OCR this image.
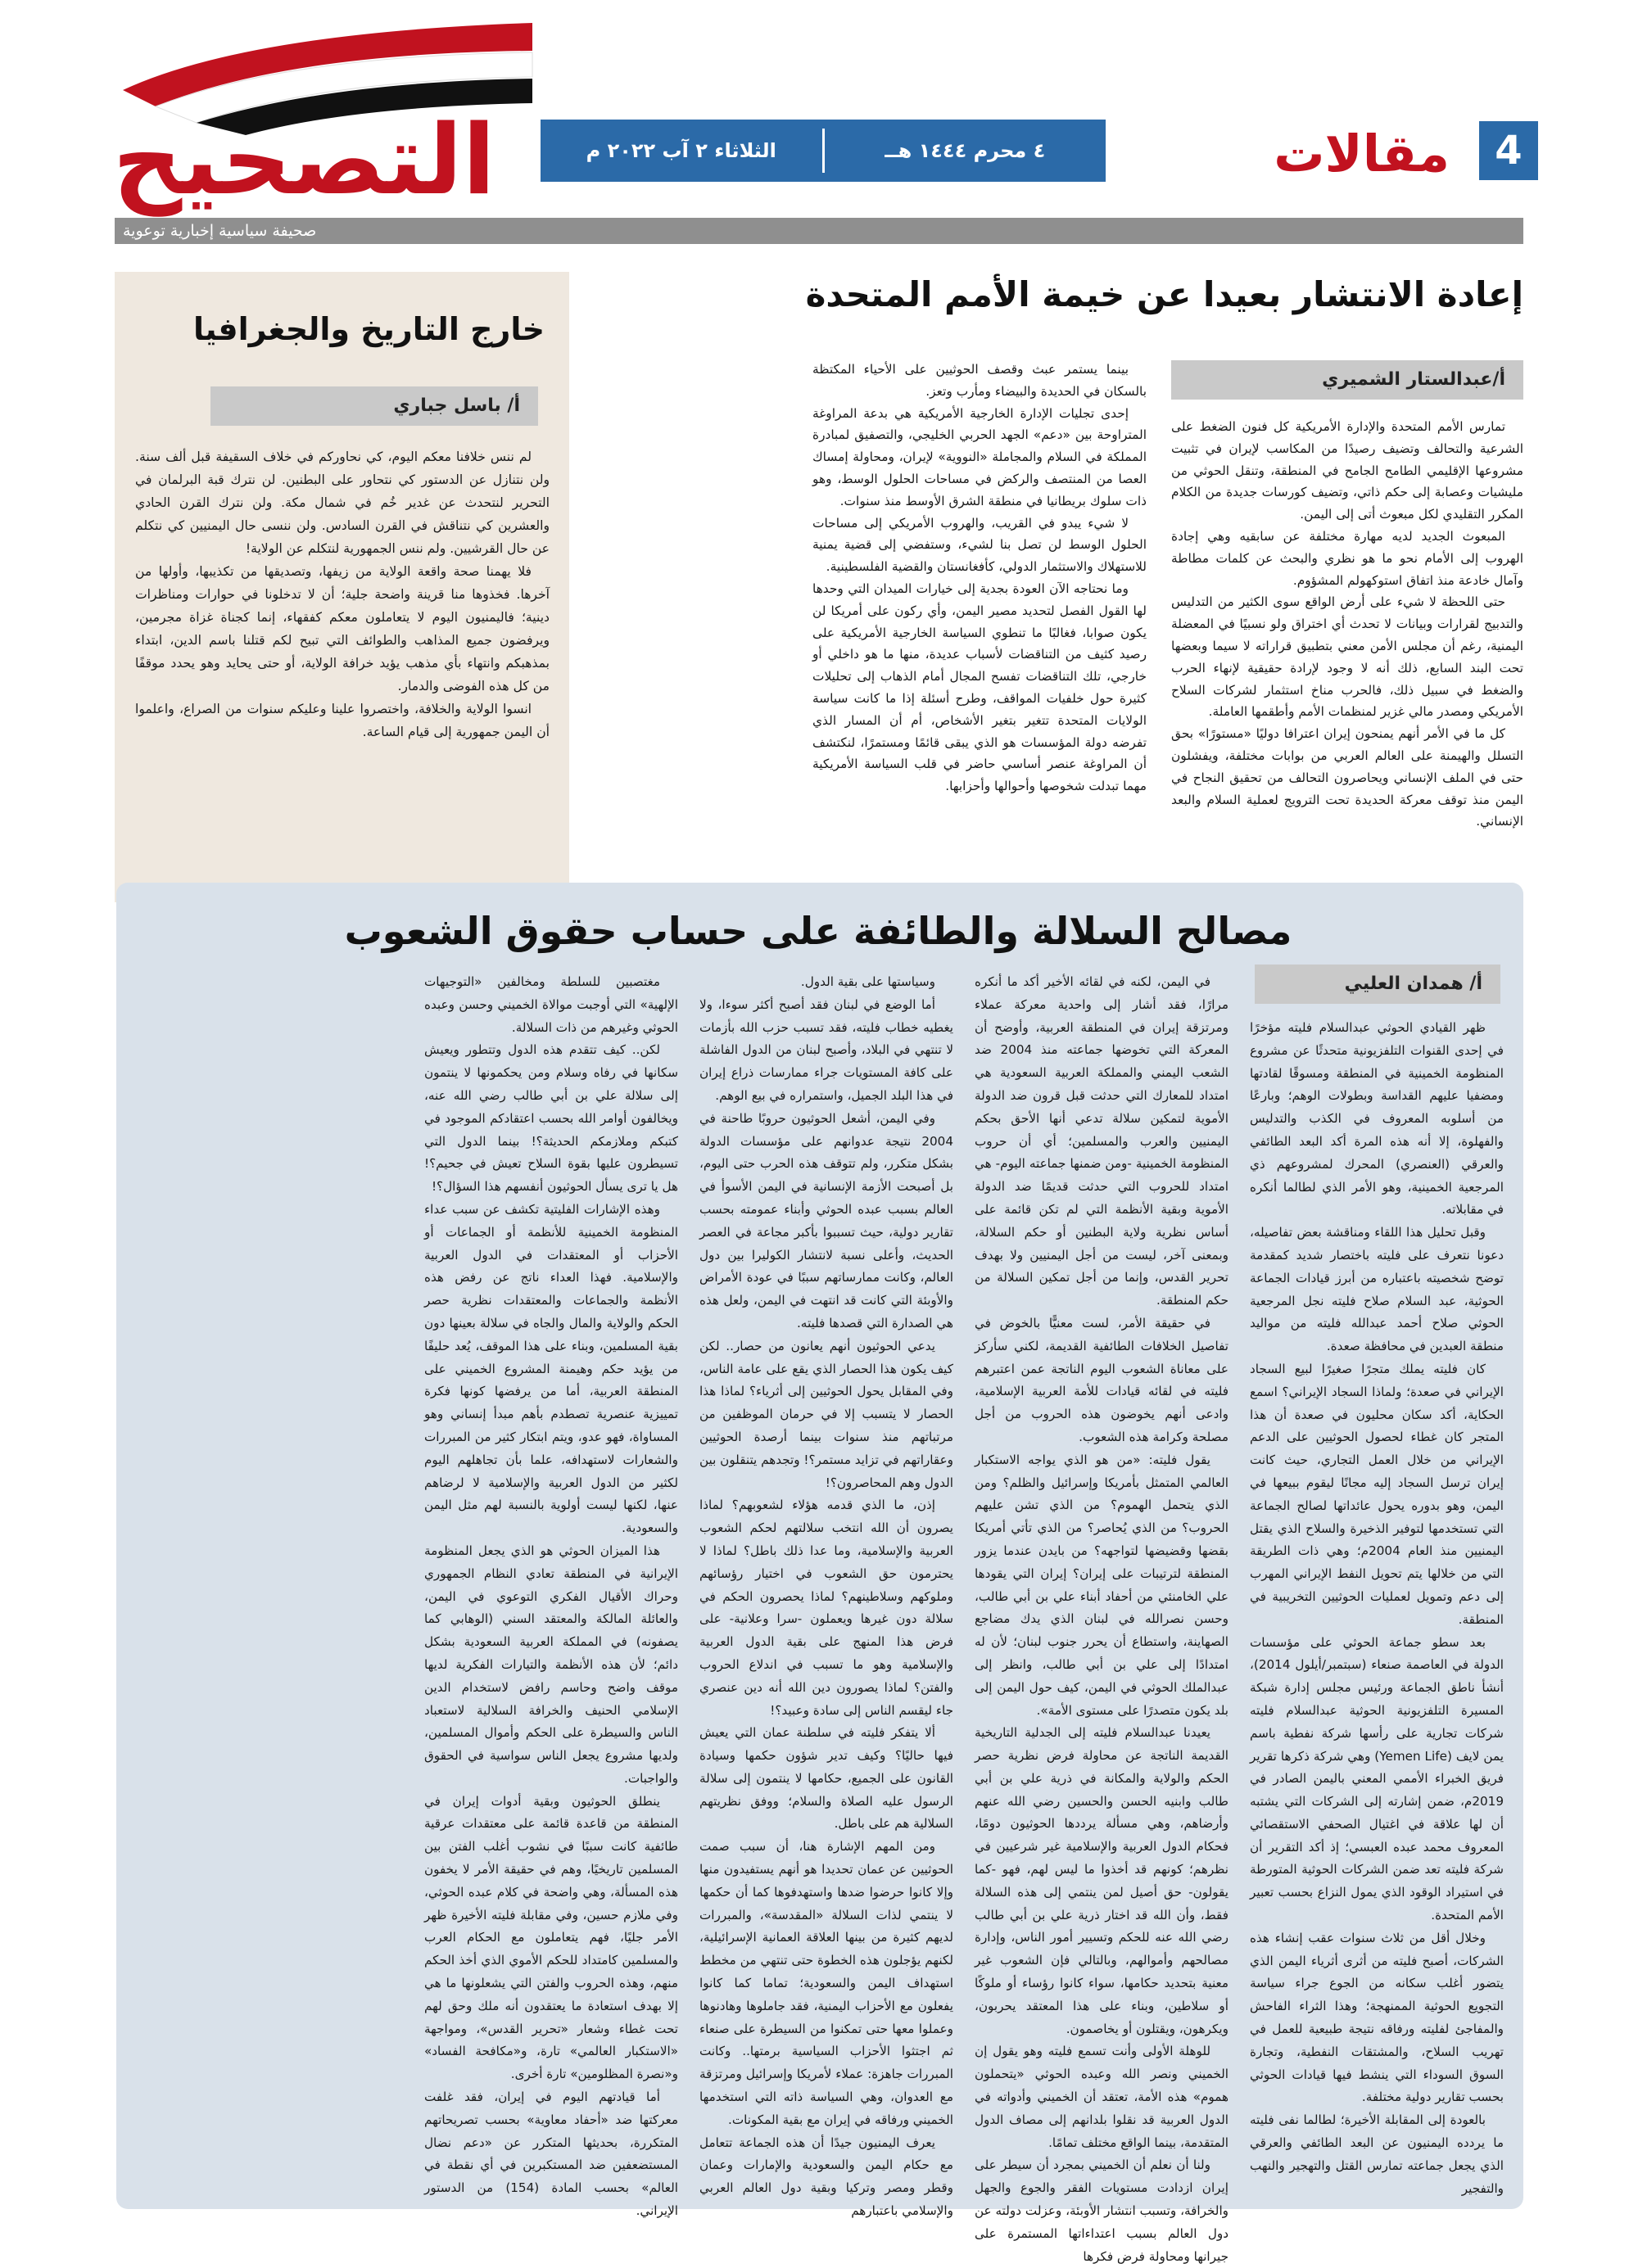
4
مقالات
٤ محرم ١٤٤٤ هــ
الثلاثاء ٢ آب ٢٠٢٢ م
التصحيح
صحيفة سياسية إخبارية توعوية
إعادة الانتشار بعيدا عن خيمة الأمم المتحدة
أ/عبدالستار الشميري

تمارس الأمم المتحدة والإدارة الأمريكية كل فنون الضغط على الشرعية والتحالف وتضيف رصيدًا من المكاسب لإيران في تثبيت مشروعها الإقليمي الطامح الجامح في المنطقة، وتنقل الحوثي من مليشيات وعصابة إلى حكم ذاتي، وتضيف كورسات جديدة من الكلام المكرر التقليدي لكل مبعوث أتى إلى اليمن.

المبعوث الجديد لديه مهارة مختلفة عن سابقيه وهي إجادة الهروب إلى الأمام نحو ما هو نظري والبحث عن كلمات مطاطة وآمال خادعة منذ اتفاق استوكهولم المشؤوم.

حتى اللحظة لا شيء على أرض الواقع سوى الكثير من التدليس والتدبيج لقرارات وبيانات لا تحدث أي اختراق ولو نسبيًا في المعضلة اليمنية، رغم أن مجلس الأمن معني بتطبيق قراراته لا سيما وبعضها تحت البند السابع، ذلك أنه لا وجود لإرادة حقيقية لإنهاء الحرب والضغط في سبيل ذلك، فالحرب مناخ استثمار لشركات السلاح الأمريكي ومصدر مالي غزير لمنظمات الأمم وأطقمها العاملة.

كل ما في الأمر أنهم يمنحون إيران اعترافا دوليًا «مستورًا» بحق التسلل والهيمنة على العالم العربي من بوابات مختلفة، ويفشلون حتى في الملف الإنساني ويحاصرون التحالف من تحقيق النجاح في اليمن منذ توقف معركة الحديدة تحت الترويج لعملية السلام والبعد الإنساني.

بينما يستمر عبث وقصف الحوثيين على الأحياء المكتظة بالسكان في الحديدة والبيضاء ومأرب وتعز.

إحدى تجليات الإدارة الخارجية الأمريكية هي بدعة المراوغة المتراوحة بين «دعم» الجهد الحربي الخليجي، والتصفيق لمبادرة المملكة في السلام والمجاملة «النووية» لإيران، ومحاولة إمساك العصا من المنتصف والركض في مساحات الحلول الوسط، وهو ذات سلوك بريطانيا في منطقة الشرق الأوسط منذ سنوات.

لا شيء يبدو في القريب، والهروب الأمريكي إلى مساحات الحلول الوسط لن تصل بنا لشيء، وستفضي إلى قضية يمنية للاستهلاك والاستثمار الدولي، كأفغانستان والقضية الفلسطينية.

وما نحتاجه الآن العودة بجدية إلى خيارات الميدان التي وحدها لها القول الفصل لتحديد مصير اليمن، وأي ركون على أمريكا لن يكون صوابا، فغالبًا ما تنطوي السياسة الخارجية الأمريكية على رصيد كثيف من التناقضات لأسباب عديدة، منها ما هو داخلي أو خارجي، تلك التناقضات تفسح المجال أمام الذهاب إلى تحليلات كثيرة حول خلفيات المواقف، وطرح أسئلة إذا ما كانت سياسة الولايات المتحدة تتغير بتغير الأشخاص، أم أن المسار الذي تفرضه دولة المؤسسات هو الذي يبقى قائمًا ومستمرًا، لنكتشف أن المراوغة عنصر أساسي حاضر في قلب السياسة الأمريكية مهما تبدلت شخوصها وأحوالها وأحزابها.

خارج التاريخ والجغرافيا
أ/ باسل جباري

لم ننس خلافنا معكم اليوم، كي نحاوركم في خلاف السقيفة قبل ألف سنة. ولن نتنازل عن الدستور كي نتحاور على البطنين. لن نترك قبة البرلمان في التحرير لنتحدث عن غدير خُم في شمال مكة. ولن نترك القرن الحادي والعشرين كي نتناقش في القرن السادس. ولن ننسى حال اليمنيين كي نتكلم عن حال القرشيين. ولم ننس الجمهورية لنتكلم عن الولاية!

فلا يهمنا صحة واقعة الولاية من زيفها، وتصديقها من تكذيبها، وأولها من آخرها. فخذوها منا قرينة واضحة جلية؛ أن لا تدخلونا في حوارات ومناظرات دينية؛ فاليمنيون اليوم لا يتعاملون معكم كفقهاء، إنما كجناة غزاة مجرمين، ويرفضون جميع المذاهب والطوائف التي تبيح لكم قتلنا باسم الدين، ابتداء بمذهبكم وانتهاء بأي مذهب يؤيد خرافة الولاية، أو حتى يحايد وهو يحدد موقفًا من كل هذه الفوضى والدمار.

انسوا الولاية والخلافة، واختصروا علينا وعليكم سنوات من الصراع، واعلموا أن اليمن جمهورية إلى قيام الساعة.

مصالح السلالة والطائفة على حساب حقوق الشعوب
أ/ همدان العليي

ظهر القيادي الحوثي عبدالسلام فليته مؤخرًا في إحدى القنوات التلفزيونية متحدثًا عن مشروع المنظومة الخمينية في المنطقة ومسوقًا لقادتها ومضفيا عليهم القداسة وبطولات الوهم؛ وبارعًا من أسلوبه المعروف في الكذب والتدليس والفهلوة، إلا أنه هذه المرة أكد البعد الطائفي والعرقي (العنصري) المحرك لمشروعهم ذي المرجعية الخمينية، وهو الأمر الذي لطالما أنكره في مقابلاته.

وقبل تحليل هذا اللقاء ومناقشة بعض تفاصيله، دعونا نتعرف على فليته باختصار شديد كمقدمة توضح شخصيته باعتباره من أبرز قيادات الجماعة الحوثية، عبد السلام صلاح فليته نجل المرجعية الحوثي صلاح أحمد عبدالله فليته من مواليد منطقة العبدين في محافظة صعدة.

كان فليته يملك متجرًا صغيرًا لبيع السجاد الإيراني في صعدة؛ ولماذا السجاد الإيراني؟ اسمع الحكاية، أكد سكان محليون في صعدة أن هذا المتجر كان غطاء لحصول الحوثيين على الدعم الإيراني من خلال العمل التجاري، حيث كانت إيران ترسل السجاد إليه مجانًا ليقوم ببيعها في اليمن، وهو بدوره يحول عائداتها لصالح الجماعة التي تستخدمها لتوفير الذخيرة والسلاح الذي يقتل اليمنيين منذ العام 2004م؛ وهي ذات الطريقة التي من خلالها يتم تحويل النفط الإيراني المهرب إلى دعم وتمويل لعمليات الحوثيين التخريبية في المنطقة.

بعد سطو جماعة الحوثي على مؤسسات الدولة في العاصمة صنعاء (سبتمبر/أيلول 2014)، أنشأ ناطق الجماعة ورئيس مجلس إدارة شبكة المسيرة التلفزيونية الحوثية عبدالسلام فليته شركات تجارية على رأسها شركة نفطية باسم يمن لايف (Yemen Life) وهي شركة ذكرها تقرير فريق الخبراء الأممي المعني باليمن الصادر في 2019م، ضمن إشارته إلى الشركات التي يشتبه أن لها علاقة في اغتيال الصحفي الاستقصائي المعروف محمد عبده العبسي؛ إذ أكد التقرير أن شركة فليته تعد ضمن الشركات الحوثية المتورطة في استيراد الوقود الذي يمول النزاع بحسب تعبير الأمم المتحدة.

وخلال أقل من ثلاث سنوات عقب إنشاء هذه الشركات، أصبح فليته من أثرى أثرياء اليمن الذي يتضور أغلب سكانه من الجوع جراء سياسة التجويع الحوثية الممنهجة؛ وهذا الثراء الفاحش والمفاجئ لفليته ورفاقه نتيجة طبيعية للعمل في تهريب السلاح، والمشتقات النفطية، وتجارة السوق السوداء التي ينشط فيها قيادات الحوثي بحسب تقارير دولية مختلفة.

بالعودة إلى المقابلة الأخيرة؛ لطالما نفى فليته ما يردده اليمنيون عن البعد الطائفي والعرقي الذي يجعل جماعته تمارس القتل والتهجير والنهب والتفجير

في اليمن، لكنه في لقائه الأخير أكد ما أنكره مرارًا، فقد أشار إلى واحدية معركة عملاء ومرتزقة إيران في المنطقة العربية، وأوضح أن المعركة التي تخوضها جماعته منذ 2004 ضد الشعب اليمني والمملكة العربية السعودية هي امتداد للمعارك التي حدثت قبل قرون ضد الدولة الأموية لتمكين سلالة تدعي أنها الأحق بحكم اليمنيين والعرب والمسلمين؛ أي أن حروب المنظومة الخمينية -ومن ضمنها جماعته اليوم- هي امتداد للحروب التي حدثت قديمًا ضد الدولة الأموية وبقية الأنظمة التي لم تكن قائمة على أساس نظرية ولاية البطنين أو حكم السلالة، وبمعنى آخر، ليست من أجل اليمنيين ولا بهدف تحرير القدس، وإنما من أجل تمكين السلالة من حكم المنطقة.

في حقيقة الأمر، لست معنيًّا بالخوض في تفاصيل الخلافات الطائفية القديمة، لكني سأركز على معاناة الشعوب اليوم الناتجة عمن اعتبرهم فليته في لقائه قيادات للأمة العربية الإسلامية، وادعى أنهم يخوضون هذه الحروب من أجل مصلحة وكرامة هذه الشعوب.

يقول فليته: «من هو الذي يواجه الاستكبار العالمي المتمثل بأمريكا وإسرائيل والظلم؟ ومن الذي يتحمل الهموم؟ من الذي تشن عليهم الحروب؟ من الذي يُحاصر؟ من الذي تأتي أمريكا بقضها وقضيضها لتواجهه؟ من بايدن عندما يزور المنطقة لترتيبات على إيران؟ إيران التي يقودها علي الخامنئي من أحفاد أبناء علي بن أبي طالب، وحسن نصرالله في لبنان الذي يدك مضاجع الصهاينة، واستطاع أن يحرر جنوب لبنان؛ لأن له امتدادًا إلى علي بن أبي طالب، وانظر إلى عبدالملك الحوثي في اليمن، كيف حول اليمن إلى بلد يكون متصدرًا على مستوى الأمة».

يعيدنا عبدالسلام فليته إلى الجدلية التاريخية القديمة الناتجة عن محاولة فرض نظرية حصر الحكم والولاية والمكانة في ذرية علي بن أبي طالب وابنيه الحسن والحسين رضي الله عنهم وأرضاهم، وهي مسألة يرددها الحوثيون دومًا، فحكام الدول العربية والإسلامية غير شرعيين في نظرهم؛ كونهم قد أخذوا ما ليس لهم، فهو -كما يقولون- حق أصيل لمن ينتمي إلى هذه السلالة فقط، وأن الله قد اختار ذرية علي بن أبي طالب رضي الله عنه للحكم وتسيير أمور الناس، وإدارة مصالحهم وأموالهم، وبالتالي فإن الشعوب غير معنية بتحديد حكامها، سواء كانوا رؤساء أو ملوكًا أو سلاطين، وبناء على هذا المعتقد يحربون، ويكرهون، ويقتلون أو يخاصمون.

للوهلة الأولى وأنت تسمع فليته وهو يقول إن الخميني ونصر الله وعبده الحوثي «يتحملون هموم» هذه الأمة، تعتقد أن الخميني وأدواته في الدول العربية قد نقلوا بلدانهم إلى مصاف الدول المتقدمة، بينما الواقع مختلف تمامًا.

ولنا أن نعلم أن الخميني بمجرد أن سيطر على إيران ازدادت مستويات الفقر والجوع والجهل والخرافة، وتسبب انتشار الأوبئة، وعزلت دولته عن دول العالم بسبب اعتداءاتها المستمرة على جيرانها ومحاولة فرض فكرها

وسياستها على بقية الدول.

أما الوضع في لبنان فقد أصبح أكثر سوءا، ولا يغطيه خطاب فليته، فقد تسبب حزب الله بأزمات لا تنتهي في البلاد، وأصبح لبنان من الدول الفاشلة على كافة المستويات جراء ممارسات ذراع إيران في هذا البلد الجميل، واستمراره في بيع الوهم.

وفي اليمن، أشعل الحوثيون حروبًا طاحنة في 2004 نتيجة عدوانهم على مؤسسات الدولة بشكل متكرر، ولم تتوقف هذه الحرب حتى اليوم، بل أصبحت الأزمة الإنسانية في اليمن الأسوأ في العالم بسبب عبده الحوثي وأبناء عمومته بحسب تقارير دولية، حيث تسببوا بأكبر مجاعة في العصر الحديث، وأعلى نسبة لانتشار الكوليرا بين دول العالم، وكانت ممارساتهم سببًا في عودة الأمراض والأوبئة التي كانت قد انتهت في اليمن، ولعل هذه هي الصدارة التي قصدها فليته.

يدعي الحوثيون أنهم يعانون من حصار.. لكن كيف يكون هذا الحصار الذي يقع على عامة الناس، وفي المقابل يحول الحوثيين إلى أثرياء؟ لماذا هذا الحصار لا يتسبب إلا في حرمان الموظفين من مرتباتهم منذ سنوات بينما أرصدة الحوثيين وعقاراتهم في تزايد مستمر؟! وتجدهم يتنقلون بين الدول وهم المحاصرون؟!

إذن، ما الذي قدمه هؤلاء لشعوبهم؟ لماذا يصرون أن الله انتخب سلالتهم لحكم الشعوب العربية والإسلامية، وما عدا ذلك باطل؟ لماذا لا يحترمون حق الشعوب في اختيار رؤسائهم وملوكهم وسلاطينهم؟ لماذا يحصرون الحكم في سلالة دون غيرها ويعملون -سرا وعلانية- على فرض هذا المنهج على بقية الدول العربية والإسلامية وهو ما تسبب في اندلاع الحروب والفتن؟ لماذا يصورون دين الله أنه دين عنصري جاء ليقسم الناس إلى سادة وعبيد؟!

ألا يتفكر فليته في سلطنة عمان التي يعيش فيها حاليًا؟ وكيف تدير شؤون حكمها وسيادة القانون على الجميع، حكامها لا ينتمون إلى سلالة الرسول عليه الصلاة والسلام؛ ووفق نظريتهم السلالية هم على باطل.

ومن المهم الإشارة هنا، أن سبب صمت الحوثيين عن عمان تحديدا هو أنهم يستفيدون منها وإلا كانوا حرضوا ضدها واستهدفوها كما أن حكمها لا ينتمي لذات السلالة «المقدسة»، والمبررات لديهم كثيرة من بينها العلاقة العمانية الإسرائيلية، لكنهم يؤجلون هذه الخطوة حتى تنتهي من مخطط استهداف اليمن والسعودية؛ تماما كما كانوا يفعلون مع الأحزاب اليمنية، فقد جاملوها وهادنوها وعملوا معها حتى تمكنوا من السيطرة على صنعاء ثم اجتثوا الأحزاب السياسية برمتها.. وكانت المبررات جاهزة: عملاء لأمريكا وإسرائيل ومرتزقة مع العدوان، وهي السياسة ذاته التي استخدمها الخميني ورفاقه في إيران مع بقية المكونات.

يعرف اليمنيون جيدًا أن هذه الجماعة تتعامل مع حكام اليمن والسعودية والإمارات وعمان وقطر ومصر وتركيا وبقية دول العالم العربي والإسلامي باعتبارهم

مغتصبين للسلطة ومخالفين «التوجيهات الإلهية» التي أوجبت موالاة الخميني وحسن وعبده الحوثي وغيرهم من ذات السلالة.

لكن.. كيف تتقدم هذه الدول وتتطور ويعيش سكانها في رفاه وسلام ومن يحكمونها لا ينتمون إلى سلالة علي بن أبي طالب رضي الله عنه، ويخالفون أوامر الله بحسب اعتقادكم الموجود في كتبكم وملازمكم الحديثة؟! بينما الدول التي تسيطرون عليها بقوة السلاح تعيش في جحيم؟! هل يا ترى يسأل الحوثيون أنفسهم هذا السؤال؟!

وهذه الإشارات الفليتية تكشف عن سبب عداء المنظومة الخمينية للأنظمة أو الجماعات أو الأحزاب أو المعتقدات في الدول العربية والإسلامية. فهذا العداء ناتج عن رفض هذه الأنظمة والجماعات والمعتقدات نظرية حصر الحكم والولاية والمال والجاه في سلالة بعينها دون بقية المسلمين، وبناء على هذا الموقف، يُعد حليفًا من يؤيد حكم وهيمنة المشروع الخميني على المنطقة العربية، أما من يرفضها كونها فكرة تمييزية عنصرية تصطدم بأهم مبدأ إنساني وهو المساواة، فهو عدو، ويتم ابتكار كثير من المبررات والشعارات لاستهدافه، علما بأن تجاهلهم اليوم لكثير من الدول العربية والإسلامية لا لرضاهم عنها، لكنها ليست أولوية بالنسبة لهم مثل اليمن والسعودية.

هذا الميزان الحوثي هو الذي يجعل المنظومة الإيرانية في المنطقة تعادي النظام الجمهوري وحراك الأقيال الفكري التوعوي في اليمن، والعائلة المالكة والمعتقد السني (الوهابي كما يصفونه) في المملكة العربية السعودية بشكل دائم؛ لأن هذه الأنظمة والتيارات الفكرية لديها موقف واضح وحاسم رافض لاستخدام الدين الإسلامي الحنيف والخرافة السلالية لاستعباد الناس والسيطرة على الحكم وأموال المسلمين، ولديها مشروع يجعل الناس سواسية في الحقوق والواجبات.

ينطلق الحوثيون وبقية أدوات إيران في المنطقة من قاعدة قائمة على معتقدات عرقية طائفية كانت سببًا في نشوب أغلب الفتن بين المسلمين تاريخيًا، وهم في حقيقة الأمر لا يخفون هذه المسألة، وهي واضحة في كلام عبده الحوثي، وفي ملازم حسين، وفي مقابلة فليته الأخيرة ظهر الأمر جليًا، فهم يتعاملون مع الحكام العرب والمسلمين كامتداد للحكم الأموي الذي أخذ الحكم منهم، وهذه الحروب والفتن التي يشعلونها ما هي إلا بهدف استعادة ما يعتقدون أنه ملك وحق لهم تحت غطاء وشعار «تحرير القدس»، ومواجهة «الاستكبار العالمي» تارة، و«مكافحة الفساد» و«نصرة المظلومين» تارة أخرى.

أما قيادتهم اليوم في إيران، فقد غلفت معركتها ضد «أحفاد معاوية» بحسب تصريحاتهم المتكررة، بحديثها المتكرر عن «دعم نضال المستضعفين ضد المستكبرين في أي نقطة في العالم» بحسب المادة (154) من الدستور الإيراني.
